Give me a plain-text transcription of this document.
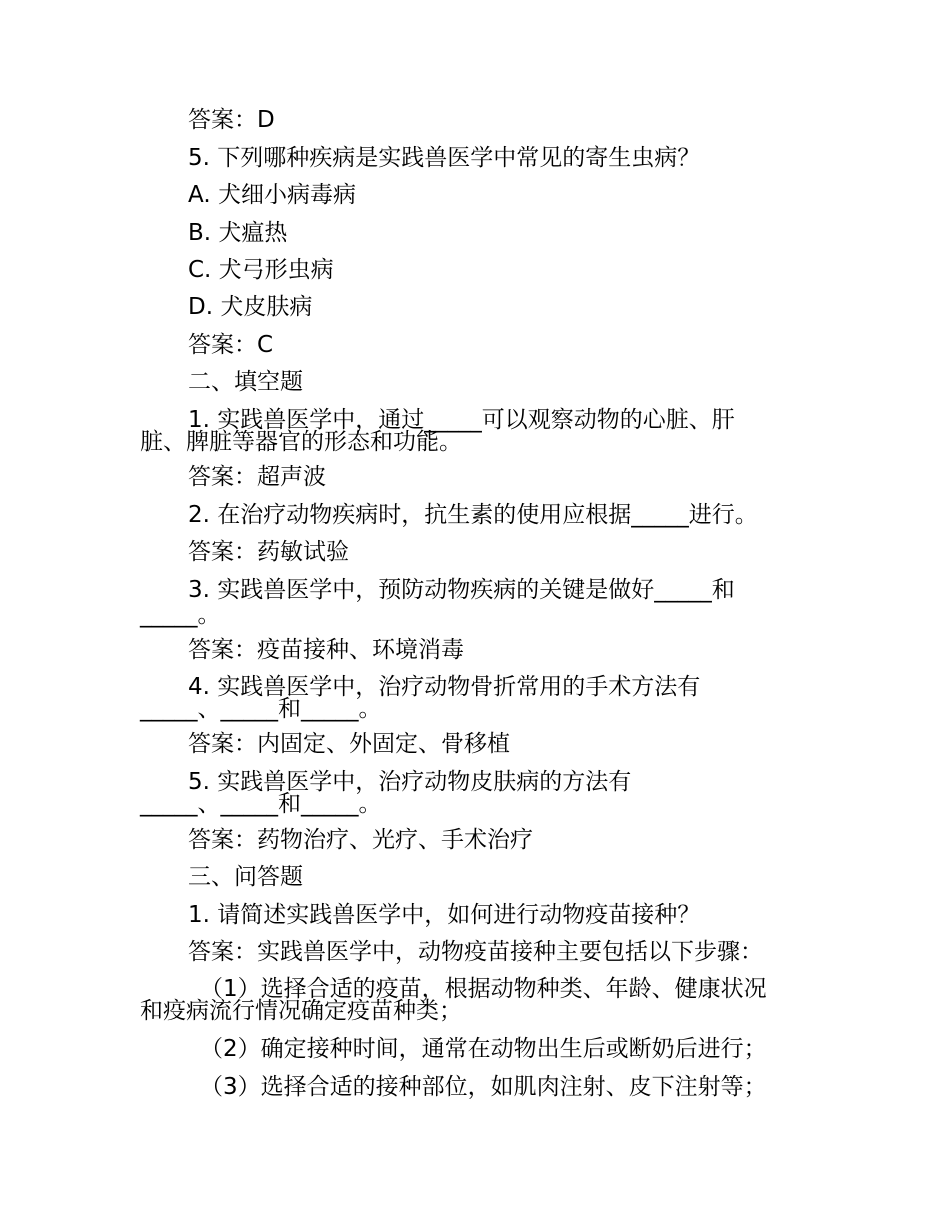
答案：D
5. 下列哪种疾病是实践兽医学中常见的寄生虫病？
A. 犬细小病毒病
B. 犬瘟热
C. 犬弓形虫病
D. 犬皮肤病
答案：C
二、填空题
1. 实践兽医学中，通过_____可以观察动物的心脏、肝
脏、脾脏等器官的形态和功能。
答案：超声波
2. 在治疗动物疾病时，抗生素的使用应根据_____进行。
答案：药敏试验
3. 实践兽医学中，预防动物疾病的关键是做好_____和
_____。
答案：疫苗接种、环境消毒
4. 实践兽医学中，治疗动物骨折常用的手术方法有
_____、_____和_____。
答案：内固定、外固定、骨移植
5. 实践兽医学中，治疗动物皮肤病的方法有
_____、_____和_____。
答案：药物治疗、光疗、手术治疗
三、问答题
1. 请简述实践兽医学中，如何进行动物疫苗接种？
答案：实践兽医学中，动物疫苗接种主要包括以下步骤：
（1）选择合适的疫苗，根据动物种类、年龄、健康状况
和疫病流行情况确定疫苗种类；
（2）确定接种时间，通常在动物出生后或断奶后进行；
（3）选择合适的接种部位，如肌肉注射、皮下注射等；
